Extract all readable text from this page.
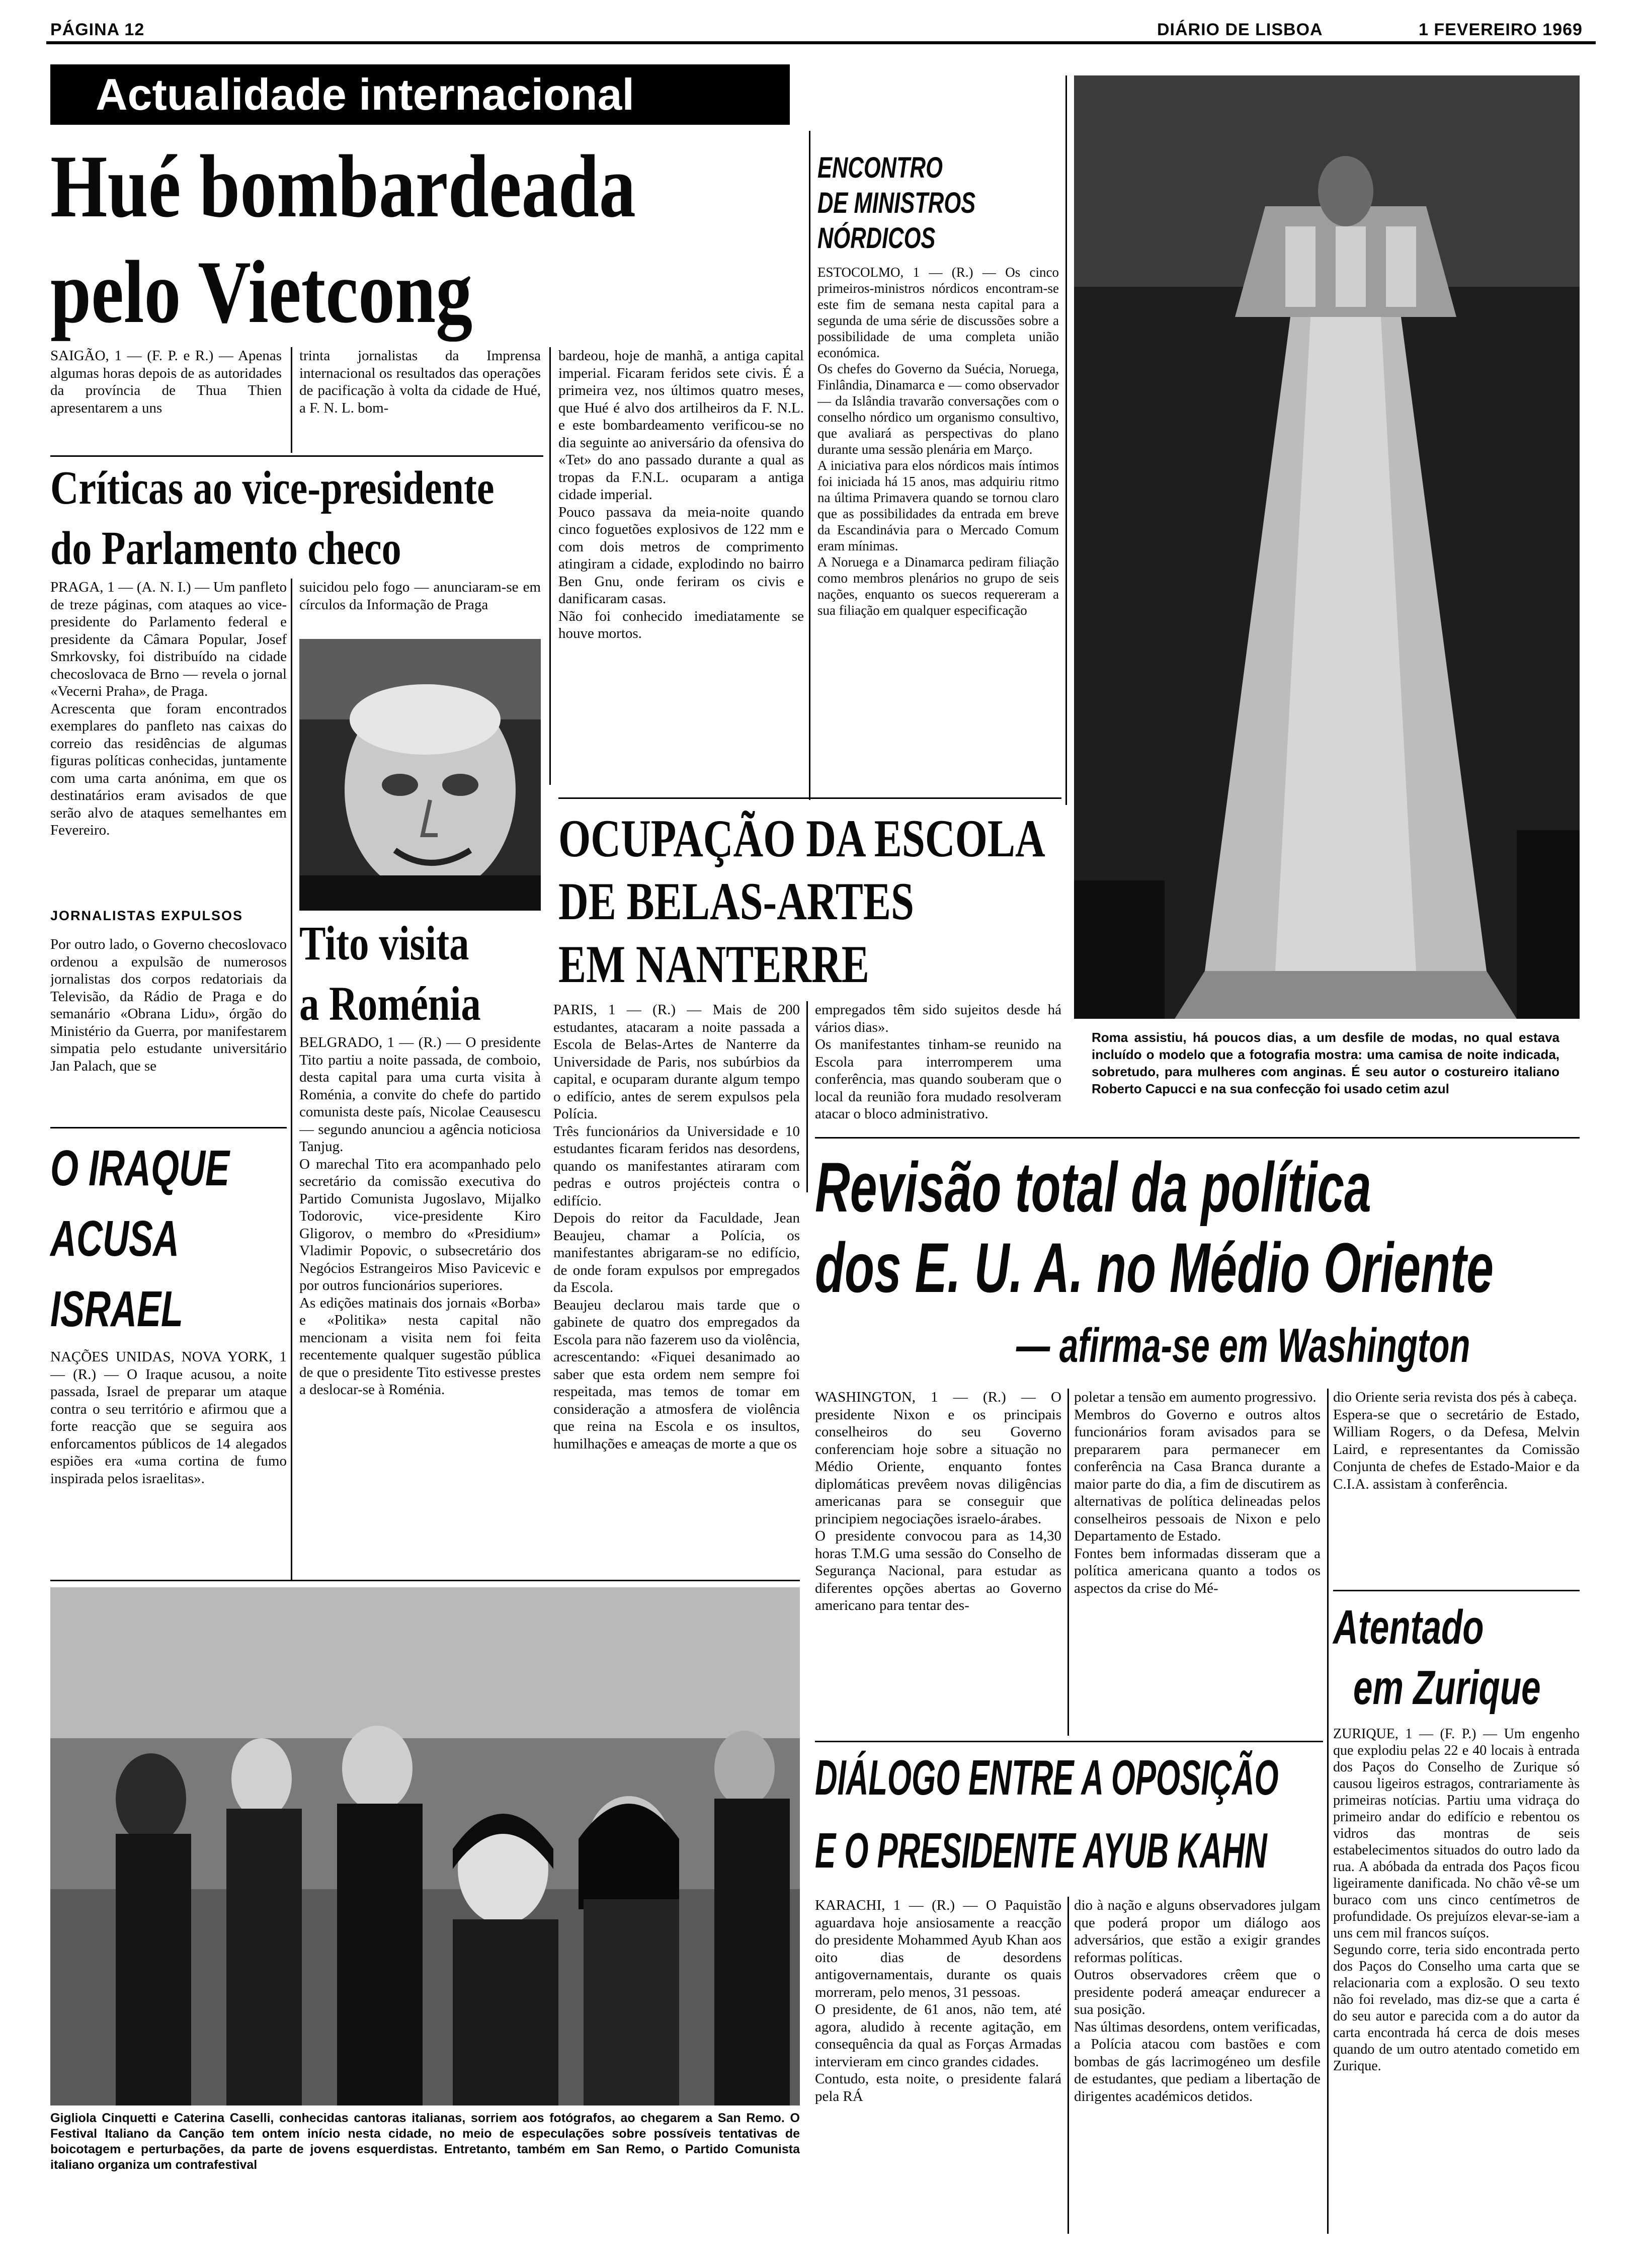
PÁGINA 12	DIÁRIO DE LISBOA	1 FEVEREIRO 1969
Actualidade internacional
Hué bombardeada
pelo Vietcong
SAIGÃO, 1 — (F. P. e R.) — Apenas algumas horas depois de as autoridades da província de Thua Thien apresentarem a uns
trinta jornalistas da Imprensa internacional os resultados das operações de pacificação à volta da cidade de Hué, a F. N. L. bom-
bardeou, hoje de manhã, a antiga capital imperial. Ficaram feridos sete civis. É a primeira vez, nos últimos quatro meses, que Hué é alvo dos artilheiros da F. N.L. e este bombardeamento verificou-se no dia seguinte ao aniversário da ofensiva do «Tet» do ano passado durante a qual as tropas da F.N.L. ocuparam a antiga cidade imperial.
Pouco passava da meia-noite quando cinco foguetões explosivos de 122 mm e com dois metros de comprimento atingiram a cidade, explodindo no bairro Ben Gnu, onde feriram os civis e danificaram casas.
Não foi conhecido imediatamente se houve mortos.
Críticas ao vice-presidente
do Parlamento checo
PRAGA, 1 — (A. N. I.) — Um panfleto de treze páginas, com ataques ao vice-presidente do Parlamento federal e presidente da Câmara Popular, Josef Smrkovsky, foi distribuído na cidade checoslovaca de Brno — revela o jornal «Vecerni Praha», de Praga.
Acrescenta que foram encontrados exemplares do panfleto nas caixas do correio das residências de algumas figuras políticas conhecidas, juntamente com uma carta anónima, em que os destinatários eram avisados de que serão alvo de ataques semelhantes em Fevereiro.
JORNALISTAS EXPULSOS
Por outro lado, o Governo checoslovaco ordenou a expulsão de numerosos jornalistas dos corpos redatoriais da Televisão, da Rádio de Praga e do semanário «Obrana Lidu», órgão do Ministério da Guerra, por manifestarem simpatia pelo estudante universitário Jan Palach, que se
suicidou pelo fogo — anunciaram-se em círculos da Informação de Praga
Tito visita
a Roménia
BELGRADO, 1 — (R.) — O presidente Tito partiu a noite passada, de comboio, desta capital para uma curta visita à Roménia, a convite do chefe do partido comunista deste país, Nicolae Ceausescu — segundo anunciou a agência noticiosa Tanjug.
O marechal Tito era acompanhado pelo secretário da comissão executiva do Partido Comunista Jugoslavo, Mijalko Todorovic, vice-presidente Kiro Gligorov, o membro do «Presidium» Vladimir Popovic, o subsecretário dos Negócios Estrangeiros Miso Pavicevic e por outros funcionários superiores.
As edições matinais dos jornais «Borba» e «Politika» nesta capital não mencionam a visita nem foi feita recentemente qualquer sugestão pública de que o presidente Tito estivesse prestes a deslocar-se à Roménia.
O IRAQUE
ACUSA
ISRAEL
NAÇÕES UNIDAS, NOVA YORK, 1 — (R.) — O Iraque acusou, a noite passada, Israel de preparar um ataque contra o seu território e afirmou que a forte reacção que se seguira aos enforcamentos públicos de 14 alegados espiões era «uma cortina de fumo inspirada pelos israelitas».
ENCONTRO
DE MINISTROS
NÓRDICOS
ESTOCOLMO, 1 — (R.) — Os cinco primeiros-ministros nórdicos encontram-se este fim de semana nesta capital para a segunda de uma série de discussões sobre a possibilidade de uma completa união económica.
Os chefes do Governo da Suécia, Noruega, Finlândia, Dinamarca e — como observador — da Islândia travarão conversações com o conselho nórdico um organismo consultivo, que avaliará as perspectivas do plano durante uma sessão plenária em Março.
A iniciativa para elos nórdicos mais íntimos foi iniciada há 15 anos, mas adquiriu ritmo na última Primavera quando se tornou claro que as possibilidades da entrada em breve da Escandinávia para o Mercado Comum eram mínimas.
A Noruega e a Dinamarca pediram filiação como membros plenários no grupo de seis nações, enquanto os suecos requereram a sua filiação em qualquer especificação
Roma assistiu, há poucos dias, a um desfile de modas, no qual estava incluído o modelo que a fotografia mostra: uma camisa de noite indicada, sobretudo, para mulheres com anginas. É seu autor o costureiro italiano Roberto Capucci e na sua confecção foi usado cetim azul
OCUPAÇÃO DA ESCOLA
DE BELAS-ARTES
EM NANTERRE
PARIS, 1 — (R.) — Mais de 200 estudantes, atacaram a noite passada a Escola de Belas-Artes de Nanterre da Universidade de Paris, nos subúrbios da capital, e ocuparam durante algum tempo o edifício, antes de serem expulsos pela Polícia.
Três funcionários da Universidade e 10 estudantes ficaram feridos nas desordens, quando os manifestantes atiraram com pedras e outros projécteis contra o edifício.
Depois do reitor da Faculdade, Jean Beaujeu, chamar a Polícia, os manifestantes abrigaram-se no edifício, de onde foram expulsos por empregados da Escola.
Beaujeu declarou mais tarde que o gabinete de quatro dos empregados da Escola para não fazerem uso da violência, acrescentando: «Fiquei desanimado ao saber que esta ordem nem sempre foi respeitada, mas temos de tomar em consideração a atmosfera de violência que reina na Escola e os insultos, humilhações e ameaças de morte a que os
empregados têm sido sujeitos desde há vários dias».
Os manifestantes tinham-se reunido na Escola para interromperem uma conferência, mas quando souberam que o local da reunião fora mudado resolveram atacar o bloco administrativo.
Revisão total da política
dos E. U. A. no Médio Oriente
— afirma-se em Washington
WASHINGTON, 1 — (R.) — O presidente Nixon e os principais conselheiros do seu Governo conferenciam hoje sobre a situação no Médio Oriente, enquanto fontes diplomáticas prevêem novas diligências americanas para se conseguir que principiem negociações israelo-árabes.
O presidente convocou para as 14,30 horas T.M.G uma sessão do Conselho de Segurança Nacional, para estudar as diferentes opções abertas ao Governo americano para tentar des-
poletar a tensão em aumento progressivo.
Membros do Governo e outros altos funcionários foram avisados para se prepararem para permanecer em conferência na Casa Branca durante a maior parte do dia, a fim de discutirem as alternativas de política delineadas pelos conselheiros pessoais de Nixon e pelo Departamento de Estado.
Fontes bem informadas disseram que a política americana quanto a todos os aspectos da crise do Mé-
dio Oriente seria revista dos pés à cabeça.
Espera-se que o secretário de Estado, William Rogers, o da Defesa, Melvin Laird, e representantes da Comissão Conjunta de chefes de Estado-Maior e da C.I.A. assistam à conferência.
Atentado
em Zurique
ZURIQUE, 1 — (F. P.) — Um engenho que explodiu pelas 22 e 40 locais à entrada dos Paços do Conselho de Zurique só causou ligeiros estragos, contrariamente às primeiras notícias. Partiu uma vidraça do primeiro andar do edifício e rebentou os vidros das montras de seis estabelecimentos situados do outro lado da rua. A abóbada da entrada dos Paços ficou ligeiramente danificada. No chão vê-se um buraco com uns cinco centímetros de profundidade. Os prejuízos elevar-se-iam a uns cem mil francos suíços.
Segundo corre, teria sido encontrada perto dos Paços do Conselho uma carta que se relacionaria com a explosão. O seu texto não foi revelado, mas diz-se que a carta é do seu autor e parecida com a do autor da carta encontrada há cerca de dois meses quando de um outro atentado cometido em Zurique.
DIÁLOGO ENTRE A OPOSIÇÃO
E O PRESIDENTE AYUB KAHN
KARACHI, 1 — (R.) — O Paquistão aguardava hoje ansiosamente a reacção do presidente Mohammed Ayub Khan aos oito dias de desordens antigovernamentais, durante os quais morreram, pelo menos, 31 pessoas.
O presidente, de 61 anos, não tem, até agora, aludido à recente agitação, em consequência da qual as Forças Armadas intervieram em cinco grandes cidades.
Contudo, esta noite, o presidente falará pela RÁ
dio à nação e alguns observadores julgam que poderá propor um diálogo aos adversários, que estão a exigir grandes reformas políticas.
Outros observadores crêem que o presidente poderá ameaçar endurecer a sua posição.
Nas últimas desordens, ontem verificadas, a Polícia atacou com bastões e com bombas de gás lacrimogéneo um desfile de estudantes, que pediam a libertação de dirigentes académicos detidos.
Gigliola Cinquetti e Caterina Caselli, conhecidas cantoras italianas, sorriem aos fotógrafos, ao chegarem a San Remo. O Festival Italiano da Canção tem ontem início nesta cidade, no meio de especulações sobre possíveis tentativas de boicotagem e perturbações, da parte de jovens esquerdistas. Entretanto, também em San Remo, o Partido Comunista italiano organiza um contrafestival
